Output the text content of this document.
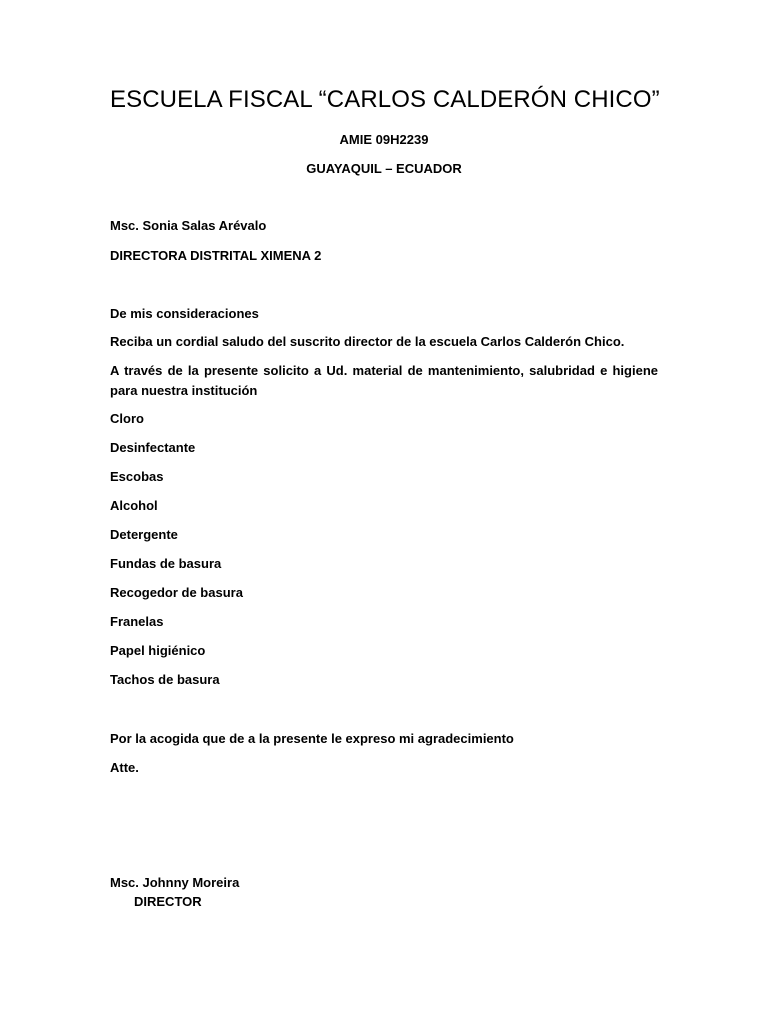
ESCUELA FISCAL “CARLOS CALDERÓN CHICO”
AMIE 09H2239
GUAYAQUIL – ECUADOR
Msc. Sonia Salas Arévalo
DIRECTORA DISTRITAL XIMENA 2
De mis consideraciones
Reciba un cordial saludo del suscrito director de la escuela Carlos Calderón Chico.
A través de la presente solicito a Ud. material de mantenimiento, salubridad e higiene para nuestra institución
Cloro
Desinfectante
Escobas
Alcohol
Detergente
Fundas de basura
Recogedor de basura
Franelas
Papel higiénico
Tachos de basura
Por la acogida que de a la presente le expreso mi agradecimiento
Atte.
Msc. Johnny Moreira
DIRECTOR
